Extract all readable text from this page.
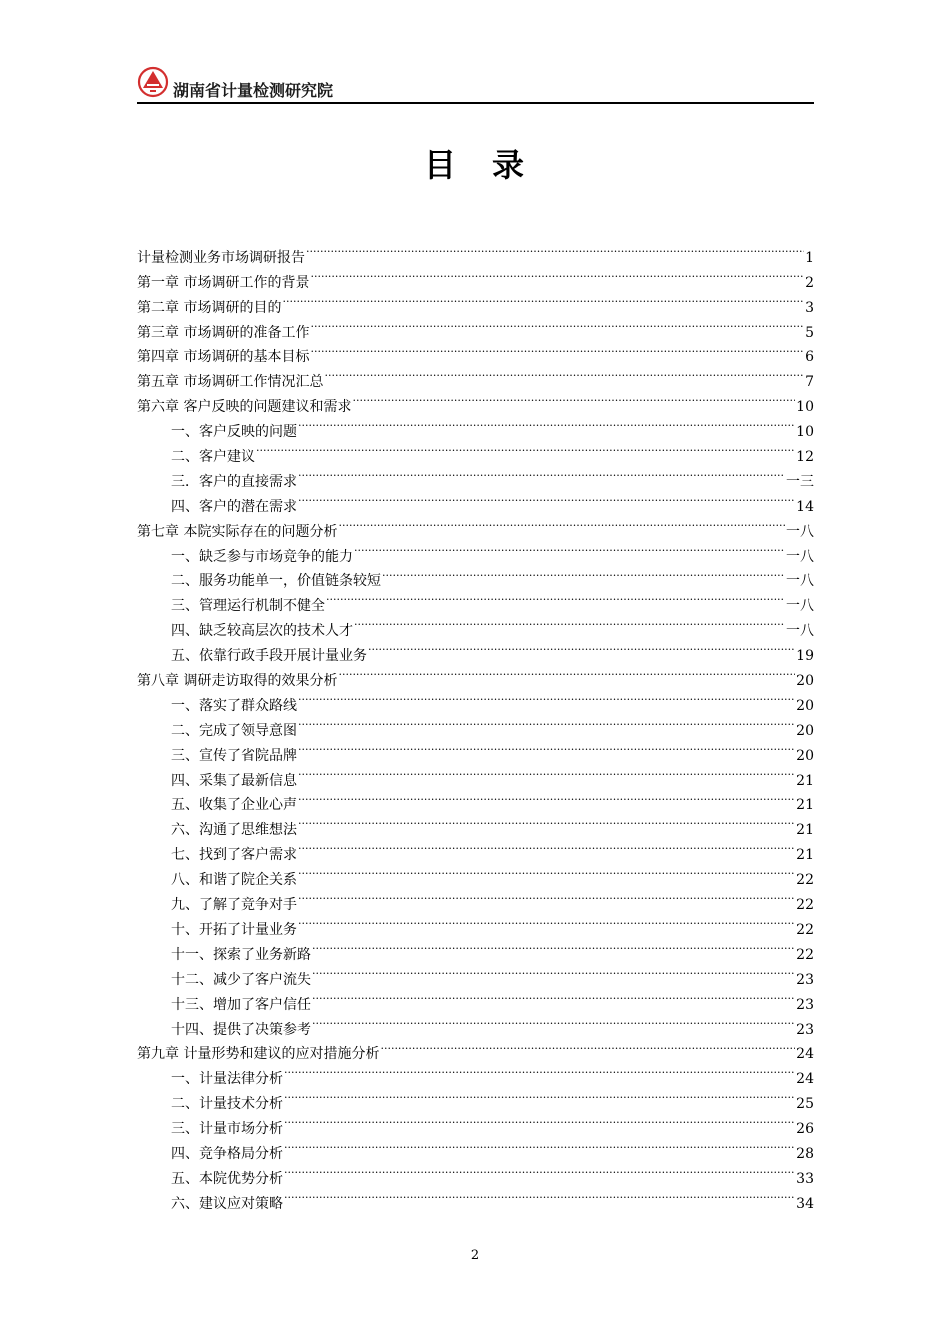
湖南省计量检测研究院
目　录
计量检测业务市场调研报告 .....	1
第一章 市场调研工作的背景 .....	2
第二章 市场调研的目的 .....	3
第三章 市场调研的准备工作 .....	5
第四章 市场调研的基本目标 .....	6
第五章 市场调研工作情况汇总 .....	7
第六章 客户反映的问题建议和需求 .....	10
一、客户反映的问题 .....	10
二、客户建议 .....	12
三．客户的直接需求 .....	一三
四、客户的潜在需求 .....	14
第七章 本院实际存在的问题分析 .....	一八
一、缺乏参与市场竞争的能力 .....	一八
二、服务功能单一，价值链条较短 .....	一八
三、管理运行机制不健全 .....	一八
四、缺乏较高层次的技术人才 .....	一八
五、依靠行政手段开展计量业务 .....	19
第八章 调研走访取得的效果分析 .....	20
一、落实了群众路线 .....	20
二、完成了领导意图 .....	20
三、宣传了省院品牌 .....	20
四、采集了最新信息 .....	21
五、收集了企业心声 .....	21
六、沟通了思维想法 .....	21
七、找到了客户需求 .....	21
八、和谐了院企关系 .....	22
九、了解了竞争对手 .....	22
十、开拓了计量业务 .....	22
十一、探索了业务新路 .....	22
十二、减少了客户流失 .....	23
十三、增加了客户信任 .....	23
十四、提供了决策参考 .....	23
第九章 计量形势和建议的应对措施分析 .....	24
一、计量法律分析 .....	24
二、计量技术分析 .....	25
三、计量市场分析 .....	26
四、竞争格局分析 .....	28
五、本院优势分析 .....	33
六、建议应对策略 .....	34
2
